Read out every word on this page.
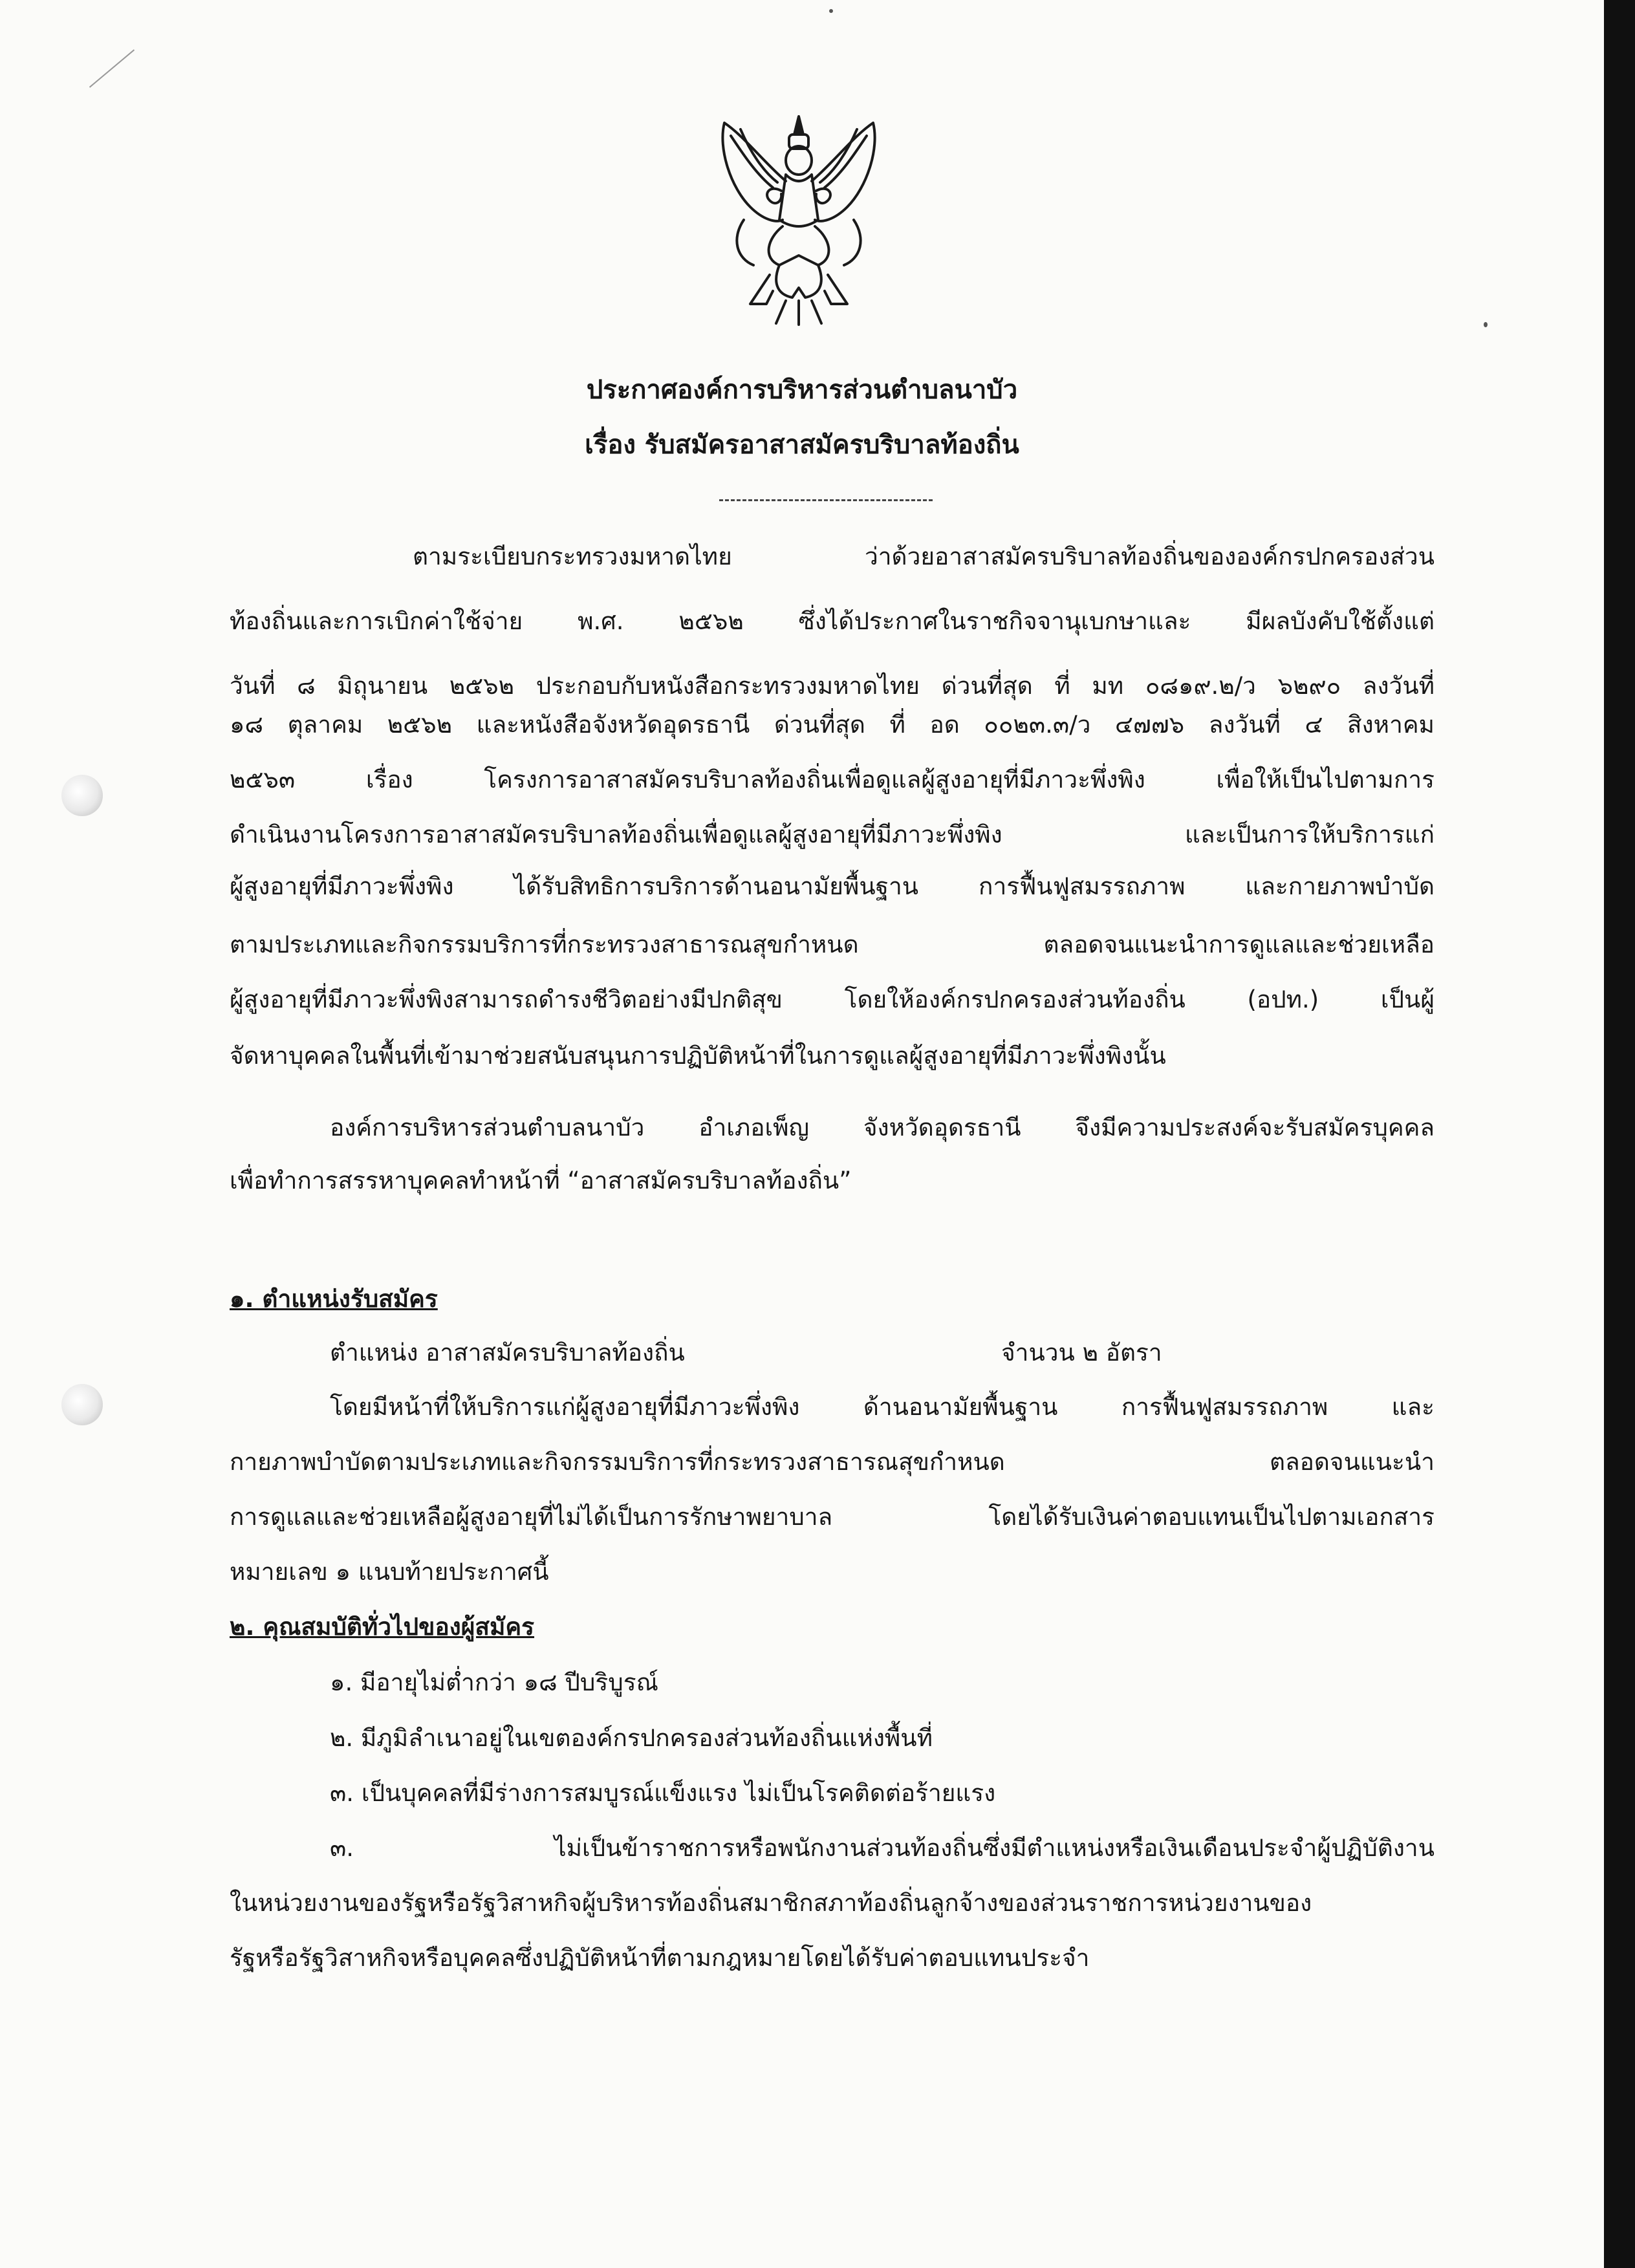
ประกาศองค์การบริหารส่วนตำบลนาบัว
เรื่อง รับสมัครอาสาสมัครบริบาลท้องถิ่น
ตามระเบียบกระทรวงมหาดไทย ว่าด้วยอาสาสมัครบริบาลท้องถิ่นขององค์กรปกครองส่วน
ท้องถิ่นและการเบิกค่าใช้จ่าย พ.ศ. ๒๕๖๒ ซึ่งได้ประกาศในราชกิจจานุเบกษาและ มีผลบังคับใช้ตั้งแต่
วันที่ ๘ มิถุนายน ๒๕๖๒ ประกอบกับหนังสือกระทรวงมหาดไทย ด่วนที่สุด ที่ มท ๐๘๑๙.๒/ว ๖๒๙๐ ลงวันที่
๑๘ ตุลาคม ๒๕๖๒ และหนังสือจังหวัดอุดรธานี ด่วนที่สุด ที่ อด ๐๐๒๓.๓/ว ๔๗๗๖ ลงวันที่ ๔ สิงหาคม
๒๕๖๓ เรื่อง โครงการอาสาสมัครบริบาลท้องถิ่นเพื่อดูแลผู้สูงอายุที่มีภาวะพึ่งพิง เพื่อให้เป็นไปตามการ
ดำเนินงานโครงการอาสาสมัครบริบาลท้องถิ่นเพื่อดูแลผู้สูงอายุที่มีภาวะพึ่งพิง และเป็นการให้บริการแก่
ผู้สูงอายุที่มีภาวะพึ่งพิง ได้รับสิทธิการบริการด้านอนามัยพื้นฐาน การฟื้นฟูสมรรถภาพ และกายภาพบำบัด
ตามประเภทและกิจกรรมบริการที่กระทรวงสาธารณสุขกำหนด ตลอดจนแนะนำการดูแลและช่วยเหลือ
ผู้สูงอายุที่มีภาวะพึ่งพิงสามารถดำรงชีวิตอย่างมีปกติสุข โดยให้องค์กรปกครองส่วนท้องถิ่น (อปท.) เป็นผู้
จัดหาบุคคลในพื้นที่เข้ามาช่วยสนับสนุนการปฏิบัติหน้าที่ในการดูแลผู้สูงอายุที่มีภาวะพึ่งพิงนั้น
องค์การบริหารส่วนตำบลนาบัว อำเภอเพ็ญ จังหวัดอุดรธานี จึงมีความประสงค์จะรับสมัครบุคคล
เพื่อทำการสรรหาบุคคลทำหน้าที่ “อาสาสมัครบริบาลท้องถิ่น”
๑. ตำแหน่งรับสมัคร
ตำแหน่ง อาสาสมัครบริบาลท้องถิ่น	จำนวน ๒ อัตรา
โดยมีหน้าที่ให้บริการแก่ผู้สูงอายุที่มีภาวะพึ่งพิง ด้านอนามัยพื้นฐาน การฟื้นฟูสมรรถภาพ และ
กายภาพบำบัดตามประเภทและกิจกรรมบริการที่กระทรวงสาธารณสุขกำหนด ตลอดจนแนะนำ
การดูแลและช่วยเหลือผู้สูงอายุที่ไม่ได้เป็นการรักษาพยาบาล โดยได้รับเงินค่าตอบแทนเป็นไปตามเอกสาร
หมายเลข ๑ แนบท้ายประกาศนี้
๒. คุณสมบัติทั่วไปของผู้สมัคร
๑. มีอายุไม่ต่ำกว่า ๑๘ ปีบริบูรณ์
๒. มีภูมิลำเนาอยู่ในเขตองค์กรปกครองส่วนท้องถิ่นแห่งพื้นที่
๓. เป็นบุคคลที่มีร่างการสมบูรณ์แข็งแรง ไม่เป็นโรคติดต่อร้ายแรง
๓. ไม่เป็นข้าราชการหรือพนักงานส่วนท้องถิ่นซึ่งมีตำแหน่งหรือเงินเดือนประจำผู้ปฏิบัติงาน
ในหน่วยงานของรัฐหรือรัฐวิสาหกิจผู้บริหารท้องถิ่นสมาชิกสภาท้องถิ่นลูกจ้างของส่วนราชการหน่วยงานของ
รัฐหรือรัฐวิสาหกิจหรือบุคคลซึ่งปฏิบัติหน้าที่ตามกฎหมายโดยได้รับค่าตอบแทนประจำ
